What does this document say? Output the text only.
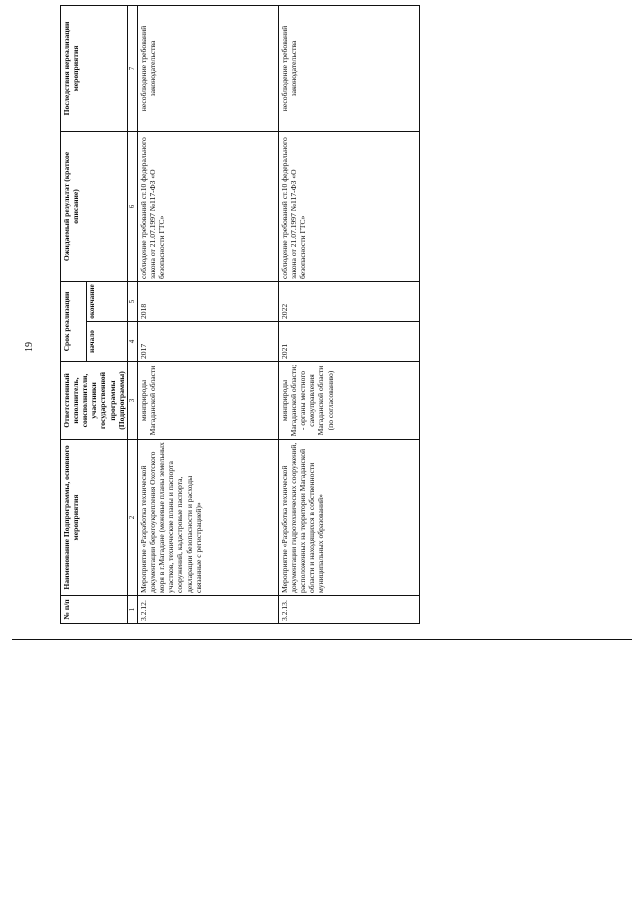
19
№ п/п	Наименование Подпрограммы, основного мероприятия	Ответственный исполнитель, соисполнители, участники государственной программы (Подпрограммы)	Срок реализации		Ожидаемый результат (краткое описание)	Последствия нереализации мероприятия
			начало	окончание		
1	2	3	4	5	6	7
3.2.12.	Мероприятие «Разработка технической документации берегоукрепления Охотского моря в г.Магадане (межевые планы земельных участков, технические планы и паспорта сооружений, кадастровые паспорта, декларации безопасности и расходы связанные с регистрацией)»	минприроды Магаданской области	2017	2018	соблюдение требований ст.10 федерального закона от 21.07.1997 №117-ФЗ «О безопасности ГТС»	несоблюдение требований законодательства
3.2.13.	Мероприятие «Разработка технической документации гидротехнических сооружений, расположенных на территории Магаданской области и находящихся в собственности муниципальных образований»	минприроды Магаданской области; - органы местного самоуправления Магаданской области (по согласованию)	2021	2022	соблюдение требований ст.10 федерального закона от 21.07.1997 №117-ФЗ «О безопасности ГТС»	несоблюдение требований законодательства
